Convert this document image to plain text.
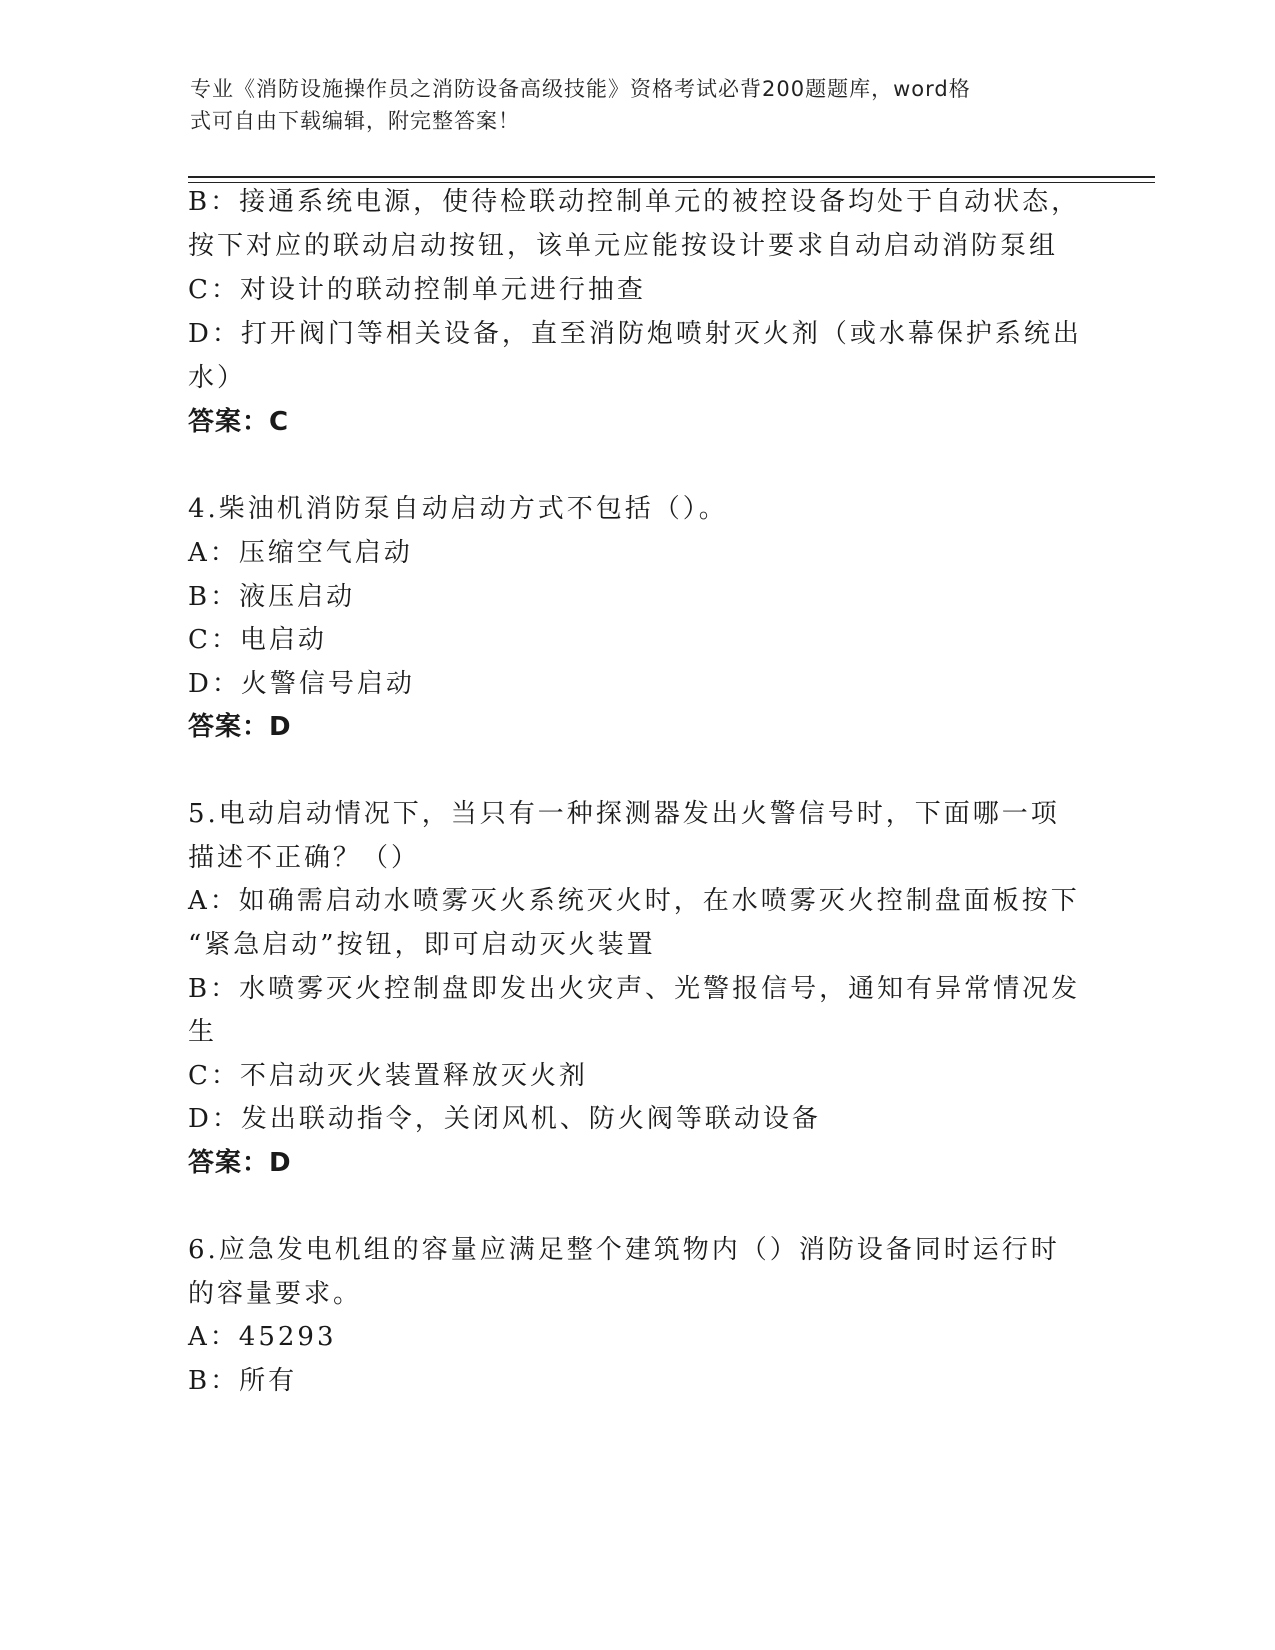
专业《消防设施操作员之消防设备高级技能》资格考试必背200题题库，word格
式可自由下载编辑，附完整答案！
B：接通系统电源，使待检联动控制单元的被控设备均处于自动状态，
按下对应的联动启动按钮，该单元应能按设计要求自动启动消防泵组
C：对设计的联动控制单元进行抽查
D：打开阀门等相关设备，直至消防炮喷射灭火剂（或水幕保护系统出
水）
答案：C
4.柴油机消防泵自动启动方式不包括（）。
A：压缩空气启动
B：液压启动
C：电启动
D：火警信号启动
答案：D
5.电动启动情况下，当只有一种探测器发出火警信号时，下面哪一项
描述不正确？（）
A：如确需启动水喷雾灭火系统灭火时，在水喷雾灭火控制盘面板按下
“紧急启动”按钮，即可启动灭火装置
B：水喷雾灭火控制盘即发出火灾声、光警报信号，通知有异常情况发
生
C：不启动灭火装置释放灭火剂
D：发出联动指令，关闭风机、防火阀等联动设备
答案：D
6.应急发电机组的容量应满足整个建筑物内（）消防设备同时运行时
的容量要求。
A：45293
B：所有
